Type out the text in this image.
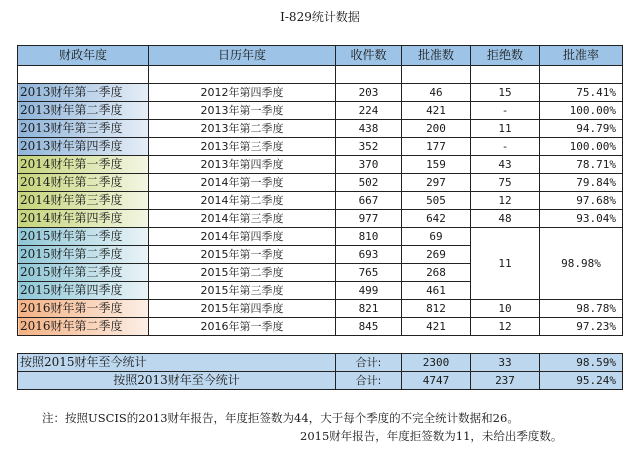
I-829统计数据
财政年度	日历年度	收件数	批准数	拒绝数	批准率

2013财年第一季度	2012年第四季度	203	46	15	75.41%
2013财年第二季度	2013年第一季度	224	421	-	100.00%
2013财年第三季度	2013年第二季度	438	200	11	94.79%
2013财年第四季度	2013年第三季度	352	177	-	100.00%
2014财年第一季度	2013年第四季度	370	159	43	78.71%
2014财年第二季度	2014年第一季度	502	297	75	79.84%
2014财年第三季度	2014年第二季度	667	505	12	97.68%
2014财年第四季度	2014年第三季度	977	642	48	93.04%
2015财年第一季度	2014年第四季度	810	69	11	98.98%
2015财年第二季度	2015年第一季度	693	269		
2015财年第三季度	2015年第二季度	765	268		
2015财年第四季度	2015年第三季度	499	461		
2016财年第一季度	2015年第四季度	821	812	10	98.78%
2016财年第二季度	2016年第一季度	845	421	12	97.23%
按照2015财年至今统计	合计:	2300	33	98.59%
按照2013财年至今统计	合计:	4747	237	95.24%
注：按照USCIS的2013财年报告，年度拒签数为44，大于每个季度的不完全统计数据和26。
2015财年报告，年度拒签数为11，未给出季度数。
